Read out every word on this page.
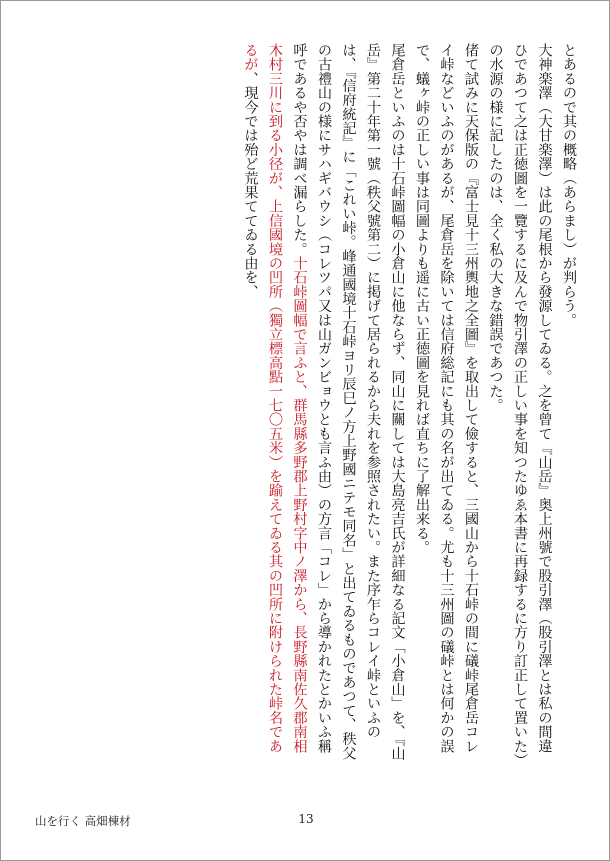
とあるので其の概略（あらまし）が判らう。

大神楽澤（大甘楽澤）は此の尾根から發源してゐる。之を曾て『山岳』奥上州號で股引澤（股引澤とは私の間違ひであつて之は正徳圖を一覽するに及んで物引澤の正しい事を知つたゆゑ本書に再録するに方り訂正して置いた）の水源の様に記したのは、全く私の大きな錯誤であつた。

偖て試みに天保版の『富士見十三州輿地之全圖』を取出して儉すると、三國山から十石峠の間に礒峠尾倉岳コレイ峠などいふのがあるが、尾倉岳を除いては信府総記にも其の名が出てゐる。尤も十三州圖の礒峠とは何かの誤で、蟻ヶ峠の正しい事は同圖よりも遥に古い正徳圖を見れば直ちに了解出来る。

尾倉岳といふのは十石峠圖幅の小倉山に他ならず、同山に關しては大島亮吉氏が詳細なる記文「小倉山」を、『山岳』第二十年第一號（秩父號第二）に掲げて居られるから夫れを参照されたい。また序乍らコレイ峠といふのは、『信府統記』に「これい峠。峰通國境十石峠ヨリ辰巳ノ方上野國ニテモ同名」と出てゐるものであつて、秩父の古禮山の様にサハギバウシ（コレツパ又は山ガンビョウとも言ふ由）の方言「コレ」から導かれたとかいふ稱呼であるや否やは調べ漏らした。十石峠圖幅で言ふと、群馬縣多野郡上野村字中ノ澤から、長野縣南佐久郡南相木村三川に到る小径が、上信國境の凹所（獨立標高點一七〇五米）を踰えてゐる其の凹所に附けられた峠名であるが、現今では殆ど荒果ててゐる由を、

山を行く 高畑棟材	13
